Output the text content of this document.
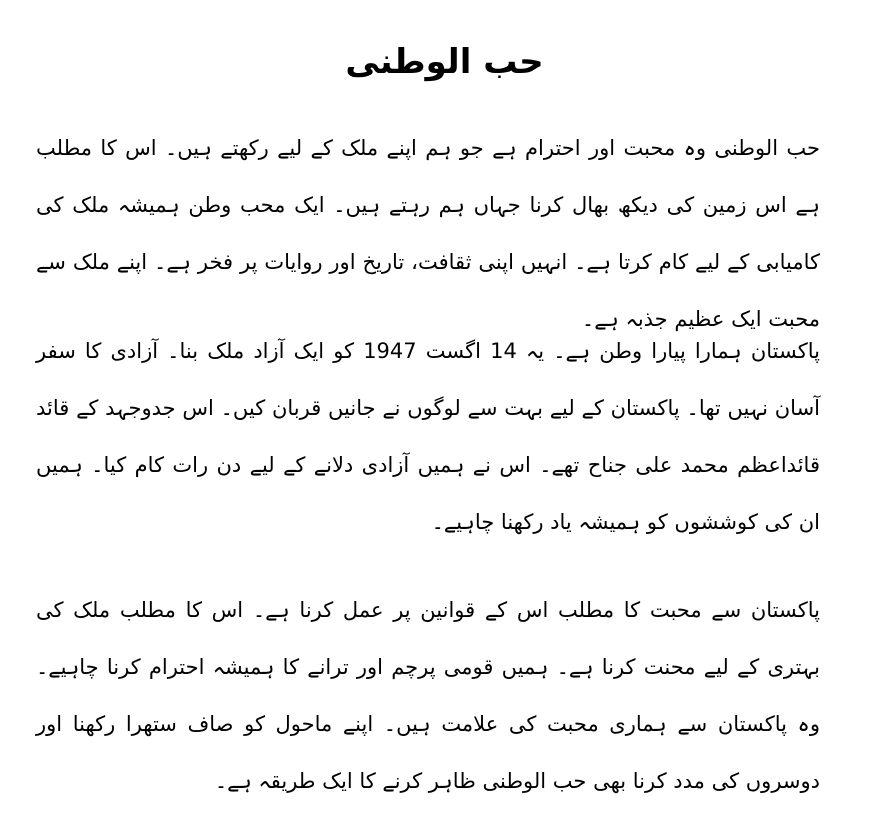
حب الوطنی

حب الوطنی وہ محبت اور احترام ہے جو ہم اپنے ملک کے لیے رکھتے ہیں۔ اس کا مطلب ہے اس زمین کی دیکھ بھال کرنا جہاں ہم رہتے ہیں۔ ایک محب وطن ہمیشہ ملک کی کامیابی کے لیے کام کرتا ہے۔ انہیں اپنی ثقافت، تاریخ اور روایات پر فخر ہے۔ اپنے ملک سے محبت ایک عظیم جذبہ ہے۔

پاکستان ہمارا پیارا وطن ہے۔ یہ 14 اگست 1947 کو ایک آزاد ملک بنا۔ آزادی کا سفر آسان نہیں تھا۔ پاکستان کے لیے بہت سے لوگوں نے جانیں قربان کیں۔ اس جدوجہد کے قائد قائداعظم محمد علی جناح تھے۔ اس نے ہمیں آزادی دلانے کے لیے دن رات کام کیا۔ ہمیں ان کی کوششوں کو ہمیشہ یاد رکھنا چاہیے۔

پاکستان سے محبت کا مطلب اس کے قوانین پر عمل کرنا ہے۔ اس کا مطلب ملک کی بہتری کے لیے محنت کرنا ہے۔ ہمیں قومی پرچم اور ترانے کا ہمیشہ احترام کرنا چاہیے۔ وہ پاکستان سے ہماری محبت کی علامت ہیں۔ اپنے ماحول کو صاف ستھرا رکھنا اور دوسروں کی مدد کرنا بھی حب الوطنی ظاہر کرنے کا ایک طریقہ ہے۔
